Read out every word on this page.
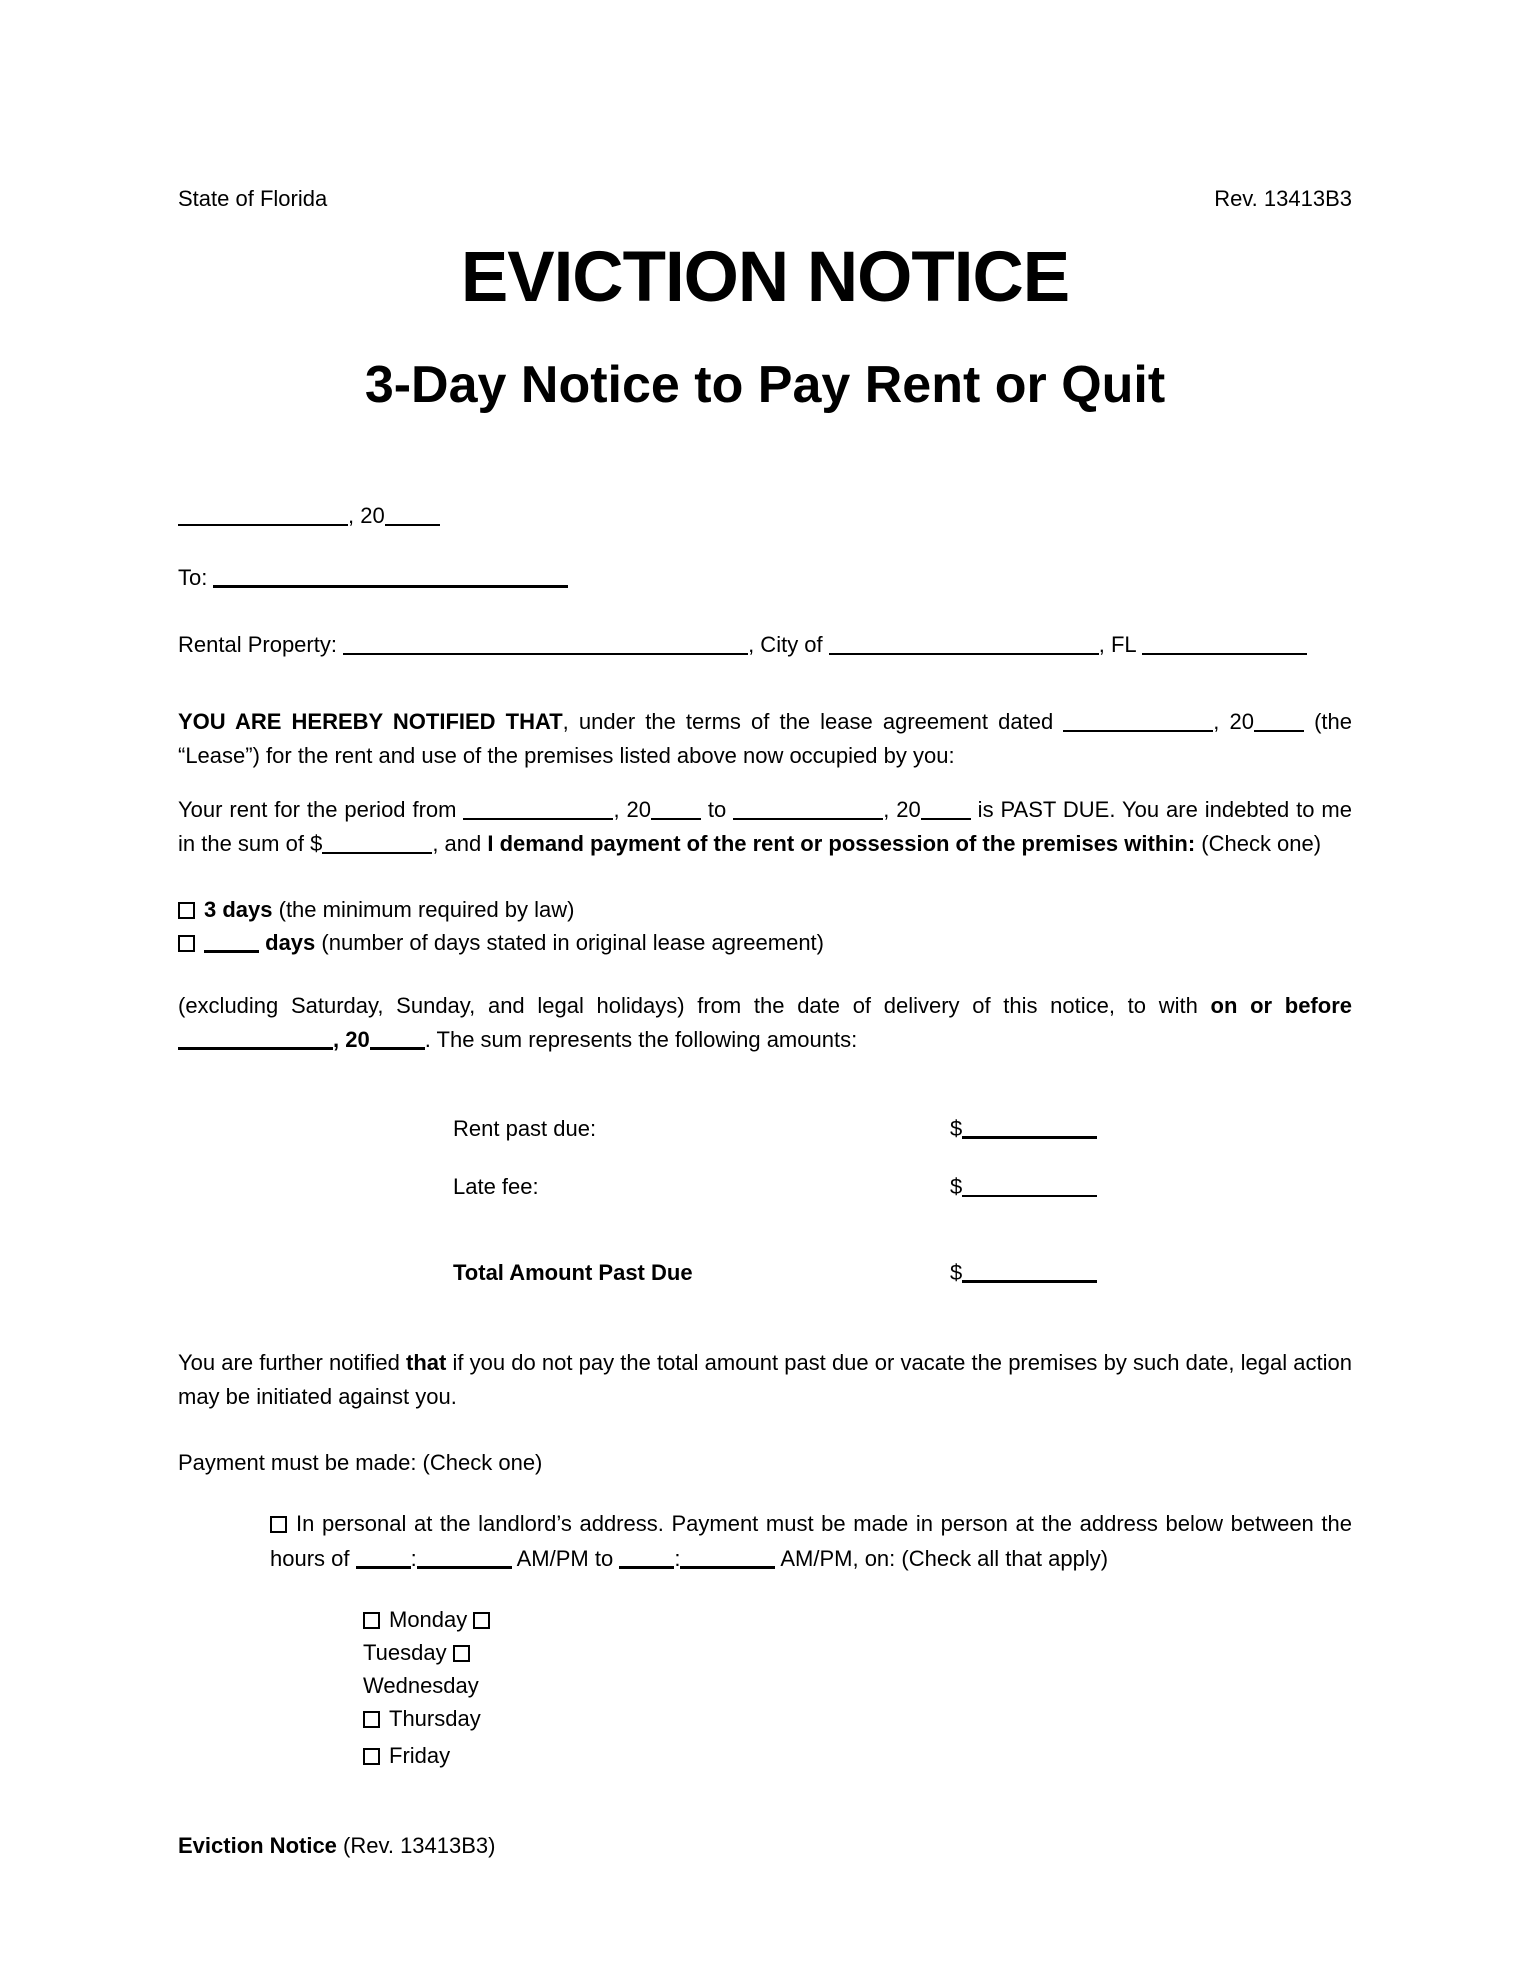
State of Florida	Rev. 13413B3
EVICTION NOTICE
3-Day Notice to Pay Rent or Quit
, 20
To:
Rental Property:	, City of	, FL
YOU ARE HEREBY NOTIFIED THAT, under the terms of the lease agreement dated	, 20 (the “Lease”) for the rent and use of the premises listed above now occupied by you:
Your rent for the period from	, 20 to	, 20 is PAST DUE. You are indebted to me in the sum of $	, and I demand payment of the rent or possession of the premises within: (Check one)
3 days (the minimum required by law)
days (number of days stated in original lease agreement)
(excluding Saturday, Sunday, and legal holidays) from the date of delivery of this notice, to with on or before , 20	. The sum represents the following amounts:
Rent past due:	$
Late fee:	$
Total Amount Past Due	$
You are further notified that if you do not pay the total amount past due or vacate the premises by such date, legal action may be initiated against you.
Payment must be made: (Check one)
In personal at the landlord’s address. Payment must be made in person at the address below between the hours of	:	AM/PM to	:	AM/PM, on: (Check all that apply)
Monday
Tuesday
Wednesday
Thursday
Friday
Eviction Notice (Rev. 13413B3)
